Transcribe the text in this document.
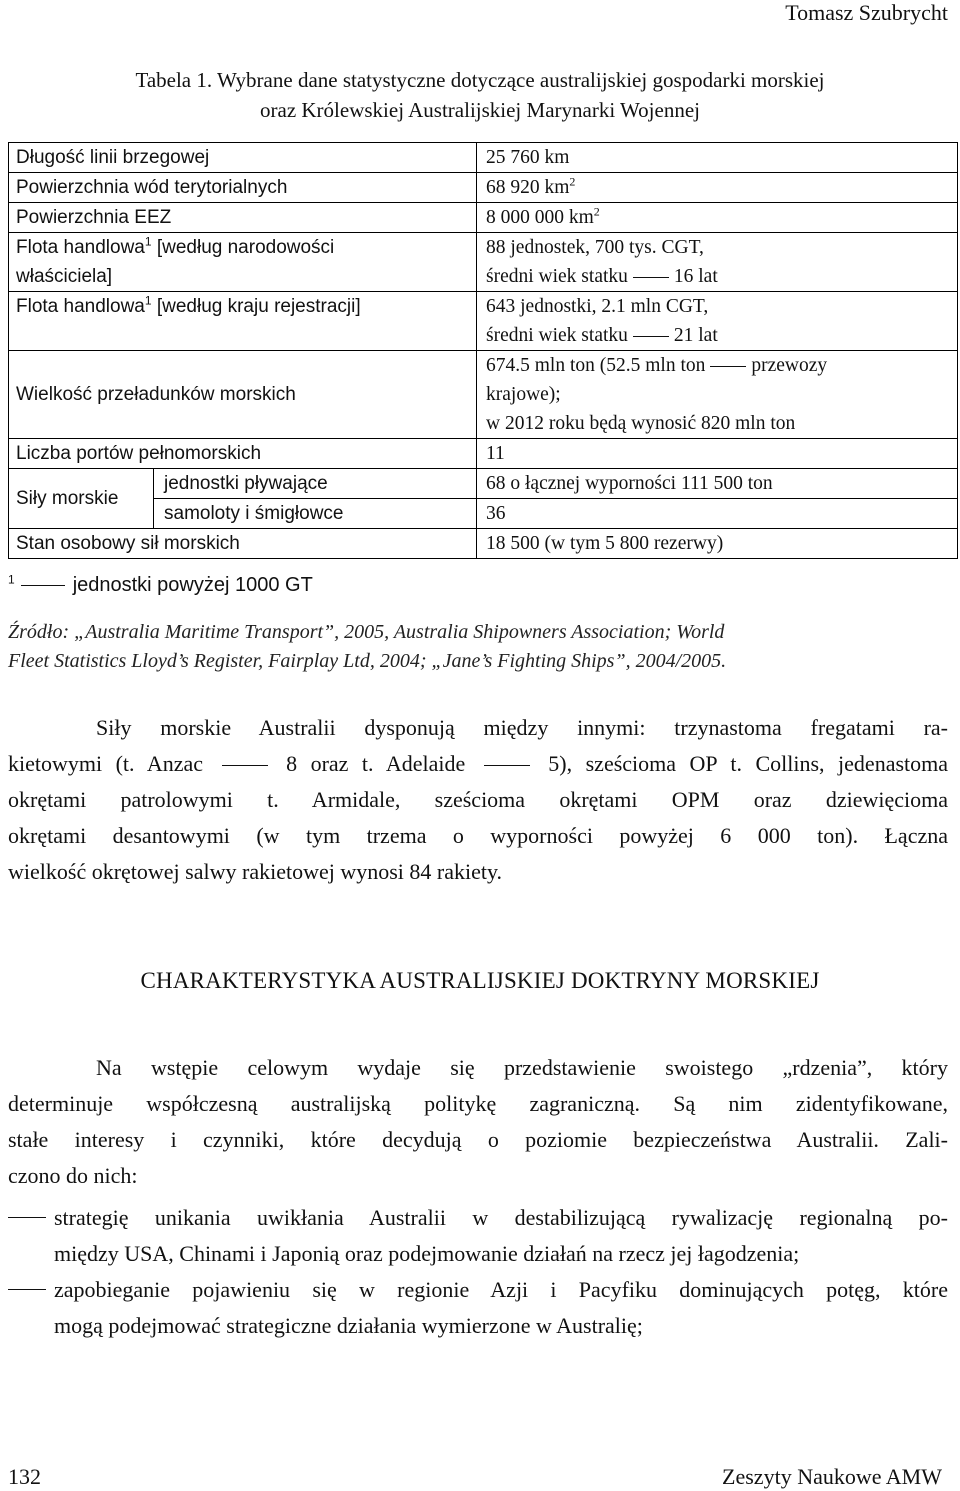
Tomasz Szubrycht
Tabela 1. Wybrane dane statystyczne dotyczące australijskiej gospodarki morskiej
oraz Królewskiej Australijskiej Marynarki Wojennej
Długość linii brzegowej		25 760 km
Powierzchnia wód terytorialnych		68 920 $km^2$
Powierzchnia EEZ		8 000 000 $km^2$
Flota handlowa$^1$ [według narodowości
właściciela]		88 jednostek, 700 tys. CGT,
średni wiek statku 16 lat
Flota handlowa$^1$ [według kraju rejestracji]		643 jednostki, 2.1 mln CGT,
średni wiek statku 21 lat
Wielkość przeładunków morskich		674.5 mln ton (52.5 mln ton przewozy
krajowe);
w 2012 roku będą wynosić 820 mln ton
Liczba portów pełnomorskich		11
Siły morskie	jednostki pływające	68 o łącznej wyporności 111 500 ton
	samoloty i śmigłowce	36
Stan osobowy sił morskich		18 500 (w tym 5 800 rezerwy)
$^1$	jednostki powyżej 1000 GT
Źródło: „Australia Maritime Transport”, 2005, Australia Shipowners Association; World
Fleet Statistics Lloyd’s Register, Fairplay Ltd, 2004; „Jane’s Fighting Ships”, 2004/2005.
Siły morskie Australii dysponują między innymi: trzynastoma fregatami ra-
kietowymi (t. Anzac	8 oraz t. Adelaide	5), sześcioma OP t. Collins, jedenastoma
okrętami patrolowymi t. Armidale, sześcioma okrętami OPM oraz dziewięcioma
okrętami desantowymi (w tym trzema o wyporności powyżej 6 000 ton). Łączna
wielkość okrętowej salwy rakietowej wynosi 84 rakiety.
CHARAKTERYSTYKA AUSTRALIJSKIEJ DOKTRYNY MORSKIEJ
Na wstępie celowym wydaje się przedstawienie swoistego „rdzenia”, który
determinuje współczesną australijską politykę zagraniczną. Są nim zidentyfikowane,
stałe interesy i czynniki, które decydują o poziomie bezpieczeństwa Australii. Zali-
czono do nich:
strategię unikania uwikłania Australii w destabilizującą rywalizację regionalną po-
między USA, Chinami i Japonią oraz podejmowanie działań na rzecz jej łagodzenia;
zapobieganie pojawieniu się w regionie Azji i Pacyfiku dominujących potęg, które
mogą podejmować strategiczne działania wymierzone w Australię;
132	Zeszyty Naukowe AMW
